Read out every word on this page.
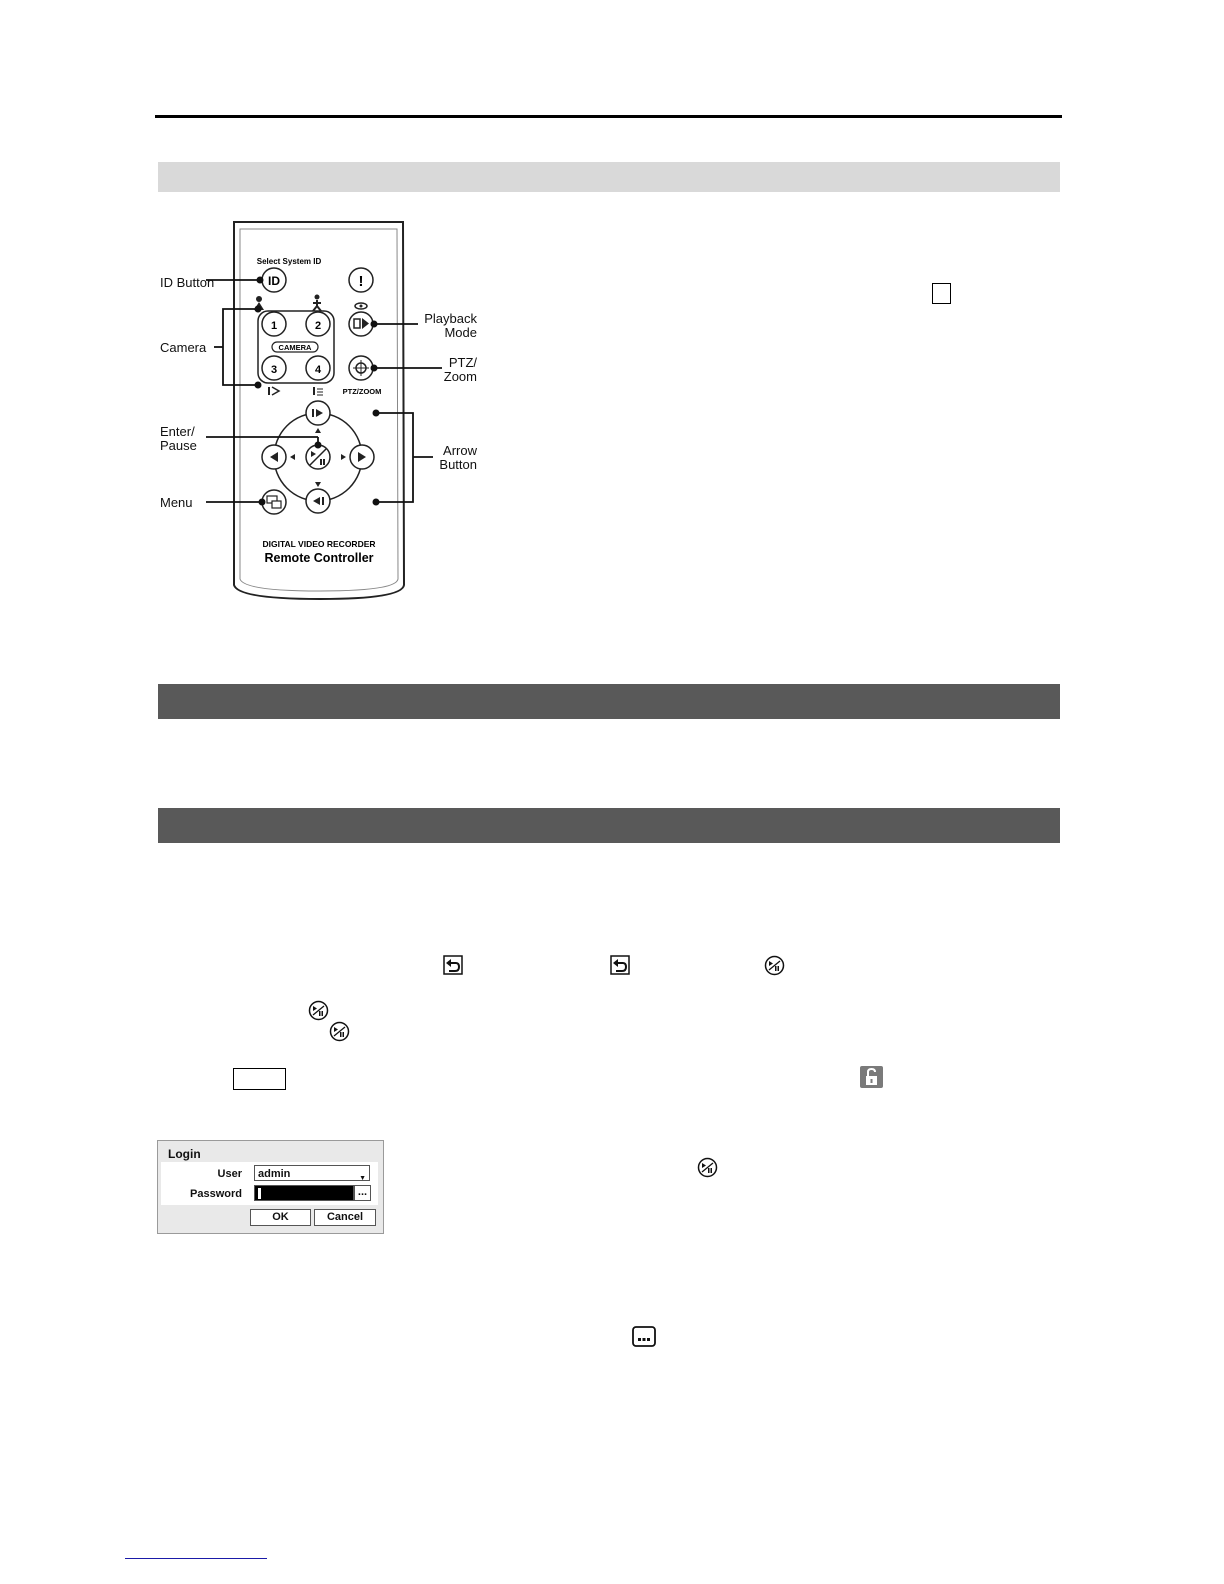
Select System ID
ID	!
1	2
CAMERA
3	4
PTZ/ZOOM
DIGITAL VIDEO RECORDER
Remote Controller
ID Button
Camera
Enter/
Pause
Menu
Playback
Mode
PTZ/
Zoom
Arrow
Button
Login
User	admin	▼
Password	...
OK	Cancel
